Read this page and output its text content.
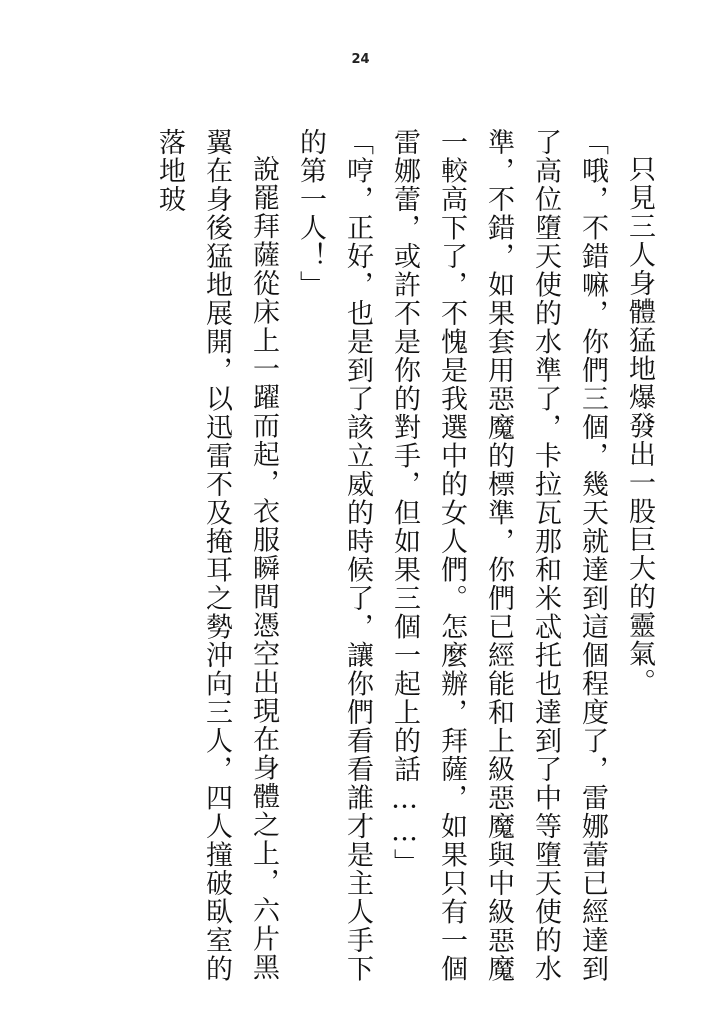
24

只見三人身體猛地爆發出一股巨大的靈氣。

「哦，不錯嘛，你們三個，幾天就達到這個程度了，雷娜蕾已經達到了高位墮天使的水準了，卡拉瓦那和米忒托也達到了中等墮天使的水準，不錯，如果套用惡魔的標準，你們已經能和上級惡魔與中級惡魔一較高下了，不愧是我選中的女人們。怎麼辦，拜薩，如果只有一個雷娜蕾，或許不是你的對手，但如果三個一起上的話……」

「哼，正好，也是到了該立威的時候了，讓你們看看誰才是主人手下的第一人！」

說罷拜薩從床上一躍而起，衣服瞬間憑空出現在身體之上，六片黑翼在身後猛地展開，以迅雷不及掩耳之勢沖向三人，四人撞破臥室的落地玻
